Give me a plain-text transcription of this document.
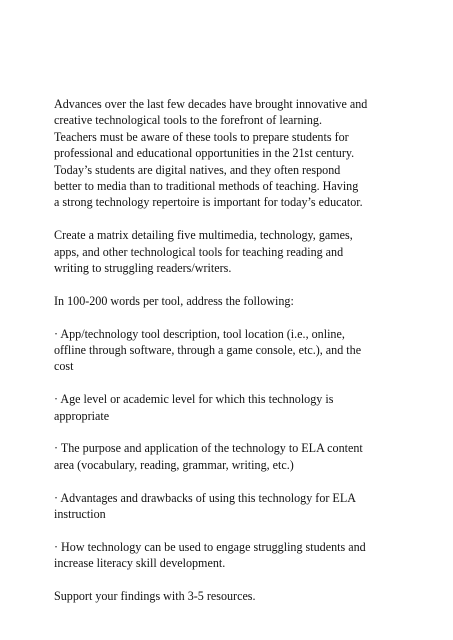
Advances over the last few decades have brought innovative and
creative technological tools to the forefront of learning.
Teachers must be aware of these tools to prepare students for
professional and educational opportunities in the 21st century.
Today’s students are digital natives, and they often respond
better to media than to traditional methods of teaching. Having
a strong technology repertoire is important for today’s educator.

Create a matrix detailing five multimedia, technology, games,
apps, and other technological tools for teaching reading and
writing to struggling readers/writers.

In 100-200 words per tool, address the following:

· App/technology tool description, tool location (i.e., online,
offline through software, through a game console, etc.), and the
cost

· Age level or academic level for which this technology is
appropriate

· The purpose and application of the technology to ELA content
area (vocabulary, reading, grammar, writing, etc.)

· Advantages and drawbacks of using this technology for ELA
instruction

· How technology can be used to engage struggling students and
increase literacy skill development.

Support your findings with 3-5 resources.
